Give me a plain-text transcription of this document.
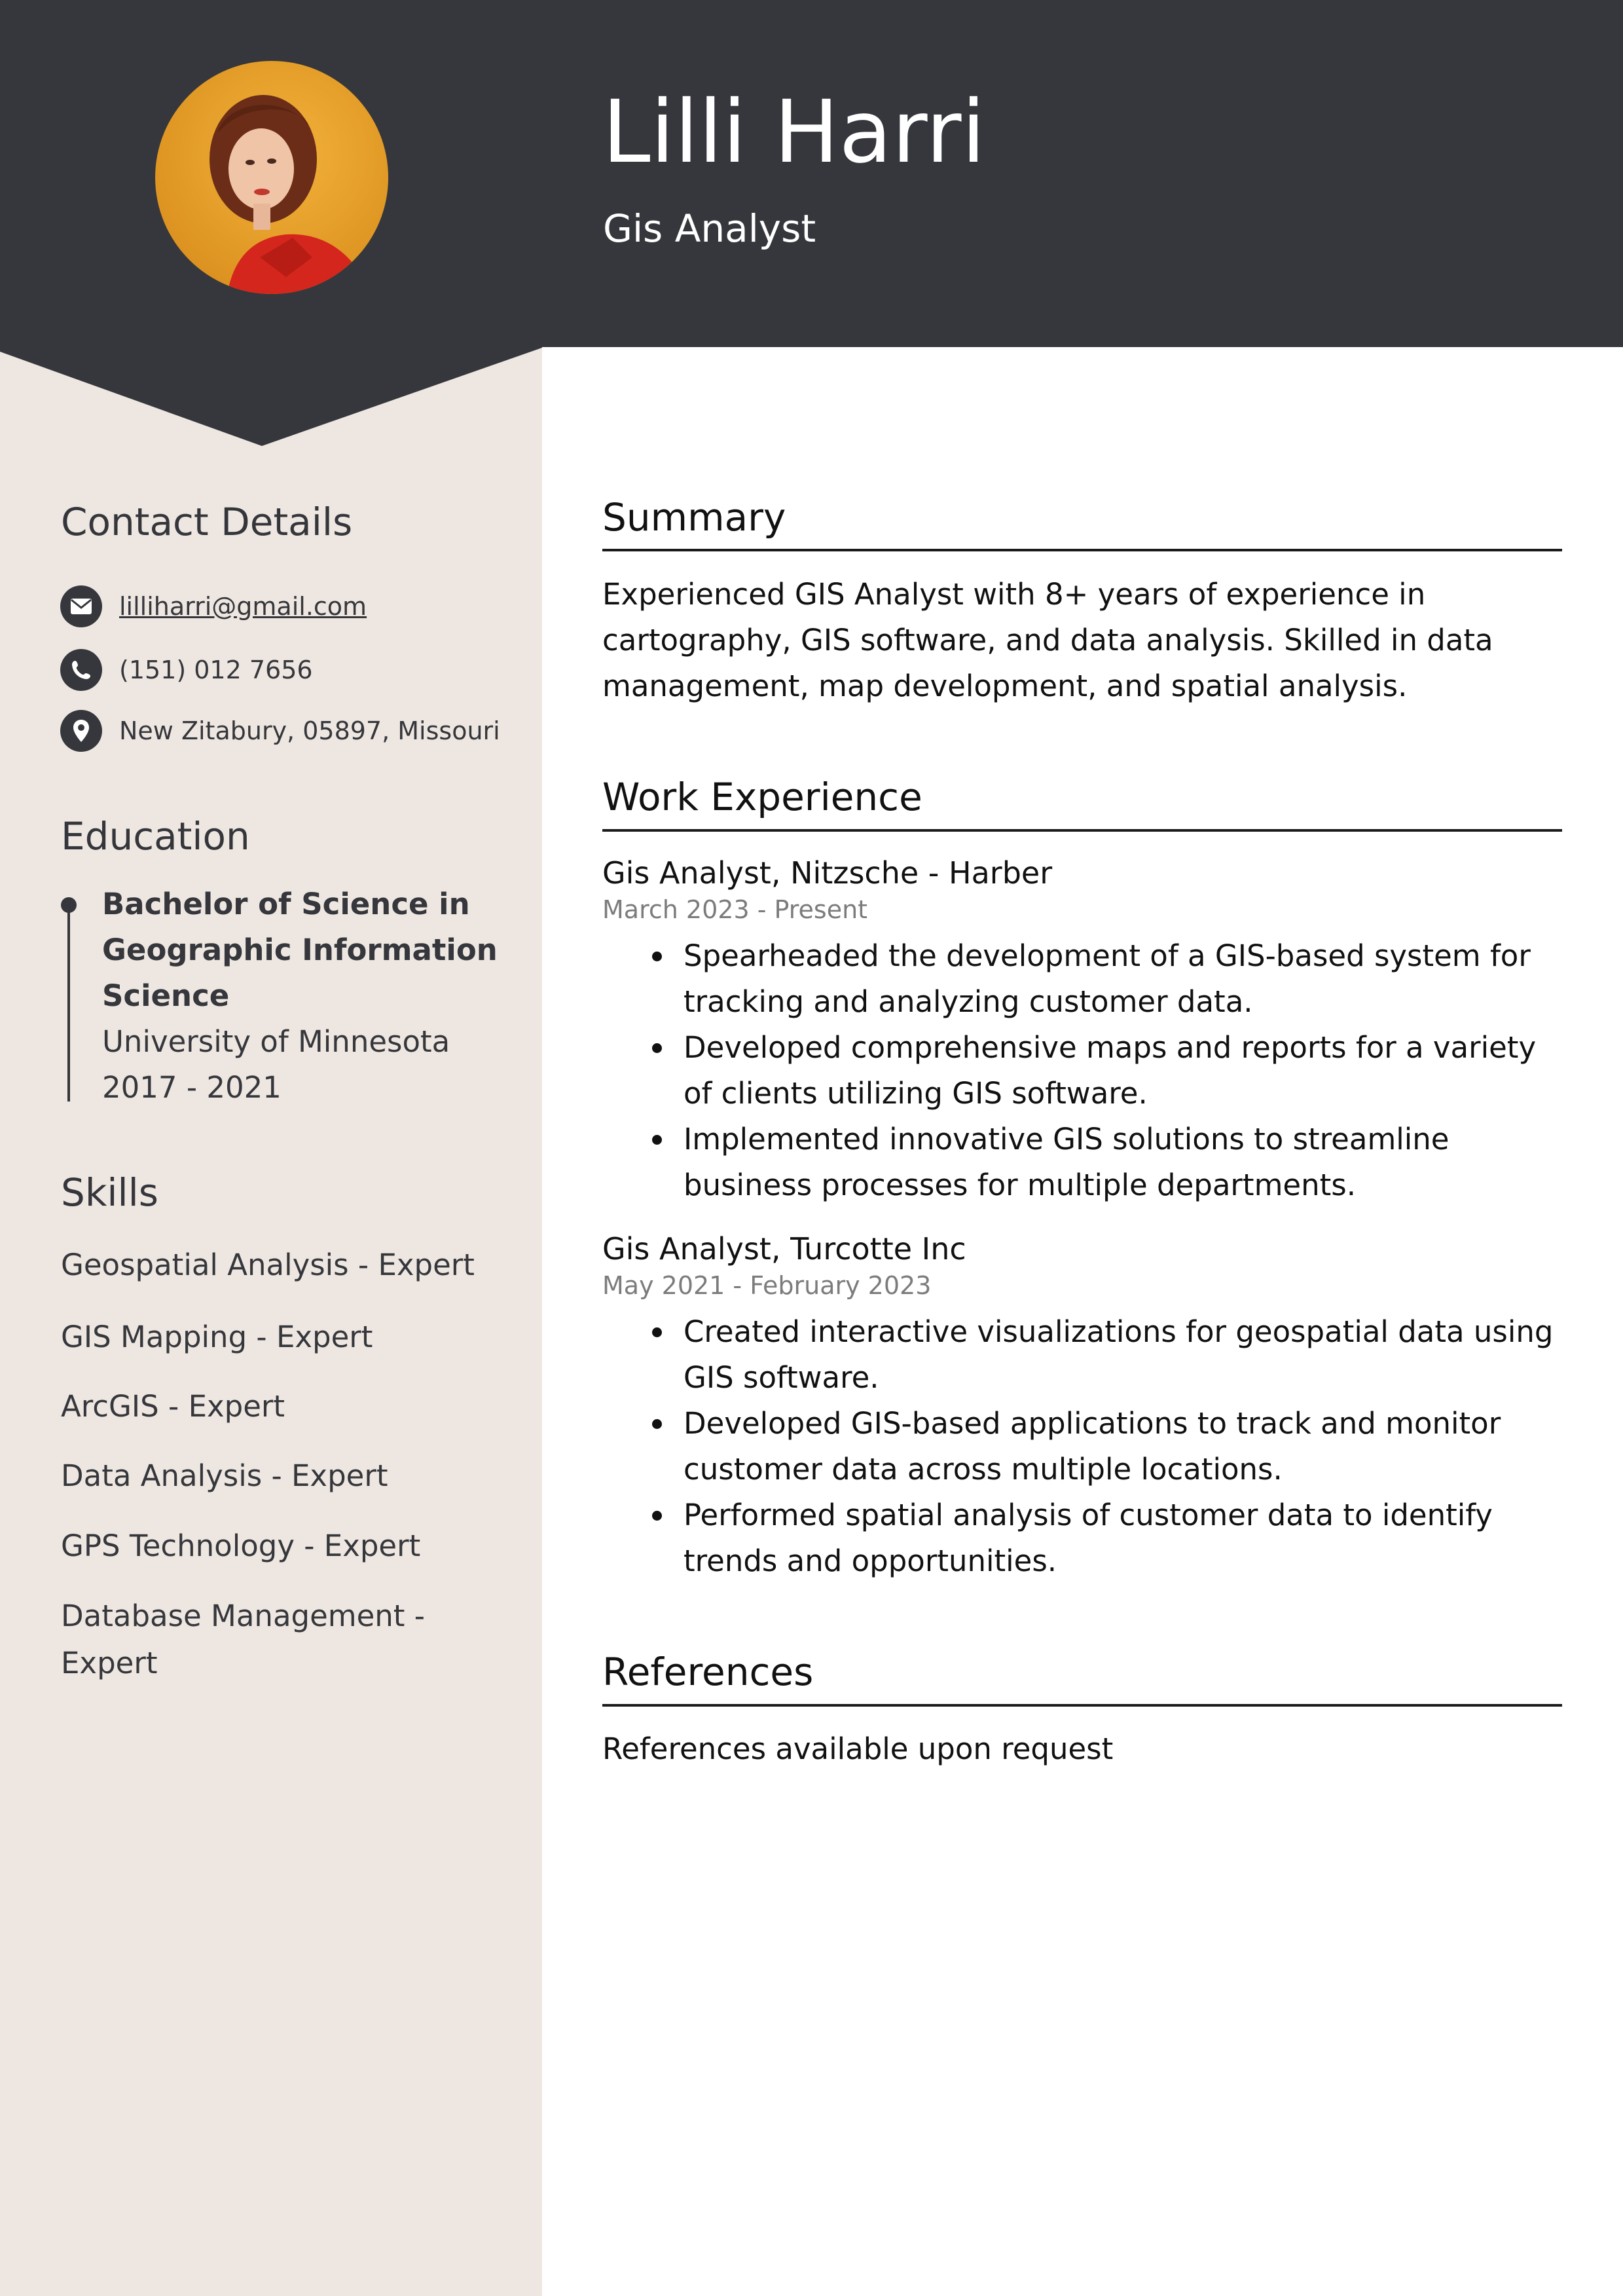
Lilli Harri
Gis Analyst
Contact Details
lilliharri@gmail.com
(151) 012 7656
New Zitabury, 05897, Missouri
Education
Bachelor of Science in Geographic Information Science
University of Minnesota
2017 - 2021
Skills
Geospatial Analysis - Expert
GIS Mapping - Expert
ArcGIS - Expert
Data Analysis - Expert
GPS Technology - Expert
Database Management - Expert
Summary
Experienced GIS Analyst with 8+ years of experience in cartography, GIS software, and data analysis. Skilled in data management, map development, and spatial analysis.
Work Experience
Gis Analyst, Nitzsche - Harber
March 2023 - Present
Spearheaded the development of a GIS-based system for tracking and analyzing customer data.
Developed comprehensive maps and reports for a variety of clients utilizing GIS software.
Implemented innovative GIS solutions to streamline business processes for multiple departments.
Gis Analyst, Turcotte Inc
May 2021 - February 2023
Created interactive visualizations for geospatial data using GIS software.
Developed GIS-based applications to track and monitor customer data across multiple locations.
Performed spatial analysis of customer data to identify trends and opportunities.
References
References available upon request
